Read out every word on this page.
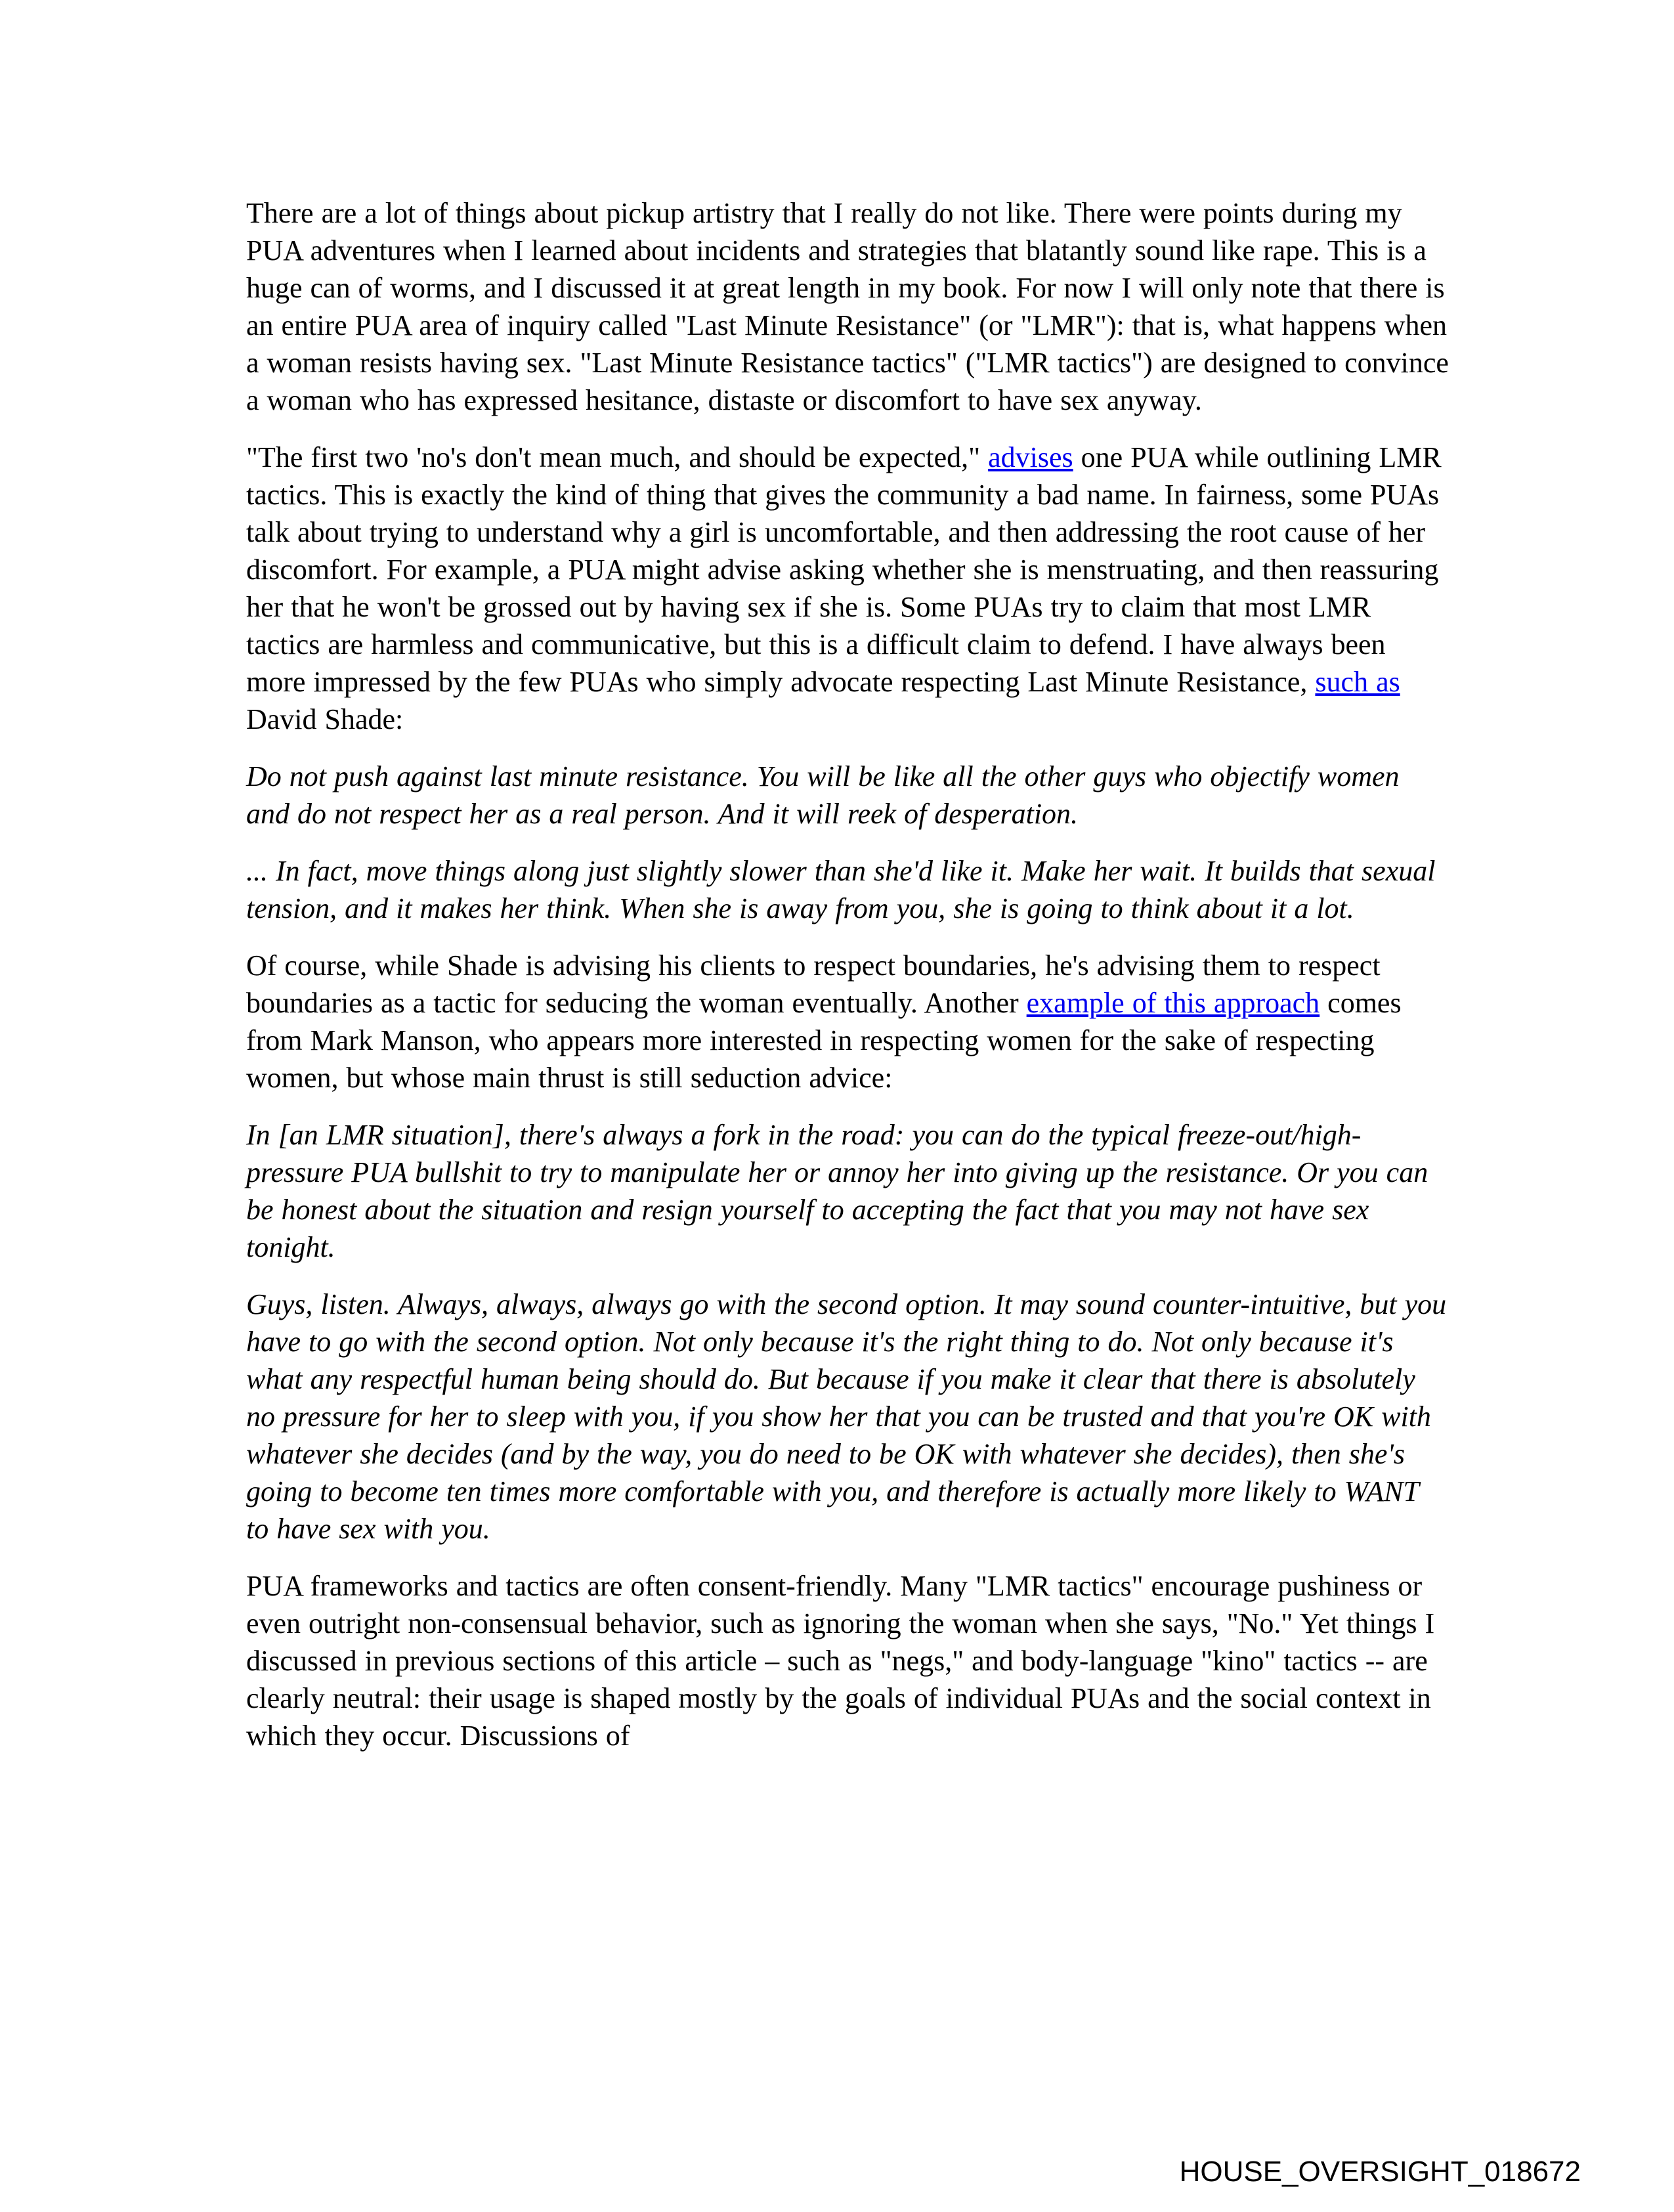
There are a lot of things about pickup artistry that I really do not like. There were points during my PUA adventures when I learned about incidents and strategies that blatantly sound like rape. This is a huge can of worms, and I discussed it at great length in my book. For now I will only note that there is an entire PUA area of inquiry called "Last Minute Resistance" (or "LMR"): that is, what happens when a woman resists having sex. "Last Minute Resistance tactics" ("LMR tactics") are designed to convince a woman who has expressed hesitance, distaste or discomfort to have sex anyway.

"The first two 'no's don't mean much, and should be expected," advises one PUA while outlining LMR tactics. This is exactly the kind of thing that gives the community a bad name. In fairness, some PUAs talk about trying to understand why a girl is uncomfortable, and then addressing the root cause of her discomfort. For example, a PUA might advise asking whether she is menstruating, and then reassuring her that he won't be grossed out by having sex if she is. Some PUAs try to claim that most LMR tactics are harmless and communicative, but this is a difficult claim to defend. I have always been more impressed by the few PUAs who simply advocate respecting Last Minute Resistance, such as David Shade:

Do not push against last minute resistance. You will be like all the other guys who objectify women and do not respect her as a real person. And it will reek of desperation.

... In fact, move things along just slightly slower than she'd like it. Make her wait. It builds that sexual tension, and it makes her think. When she is away from you, she is going to think about it a lot.

Of course, while Shade is advising his clients to respect boundaries, he's advising them to respect boundaries as a tactic for seducing the woman eventually. Another example of this approach comes from Mark Manson, who appears more interested in respecting women for the sake of respecting women, but whose main thrust is still seduction advice:

In [an LMR situation], there's always a fork in the road: you can do the typical freeze-out/high-pressure PUA bullshit to try to manipulate her or annoy her into giving up the resistance. Or you can be honest about the situation and resign yourself to accepting the fact that you may not have sex tonight.

Guys, listen. Always, always, always go with the second option. It may sound counter-intuitive, but you have to go with the second option. Not only because it's the right thing to do. Not only because it's what any respectful human being should do. But because if you make it clear that there is absolutely no pressure for her to sleep with you, if you show her that you can be trusted and that you're OK with whatever she decides (and by the way, you do need to be OK with whatever she decides), then she's going to become ten times more comfortable with you, and therefore is actually more likely to WANT to have sex with you.

PUA frameworks and tactics are often consent-friendly. Many "LMR tactics" encourage pushiness or even outright non-consensual behavior, such as ignoring the woman when she says, "No." Yet things I discussed in previous sections of this article – such as "negs," and body-language "kino" tactics -- are clearly neutral: their usage is shaped mostly by the goals of individual PUAs and the social context in which they occur. Discussions of

HOUSE_OVERSIGHT_018672
